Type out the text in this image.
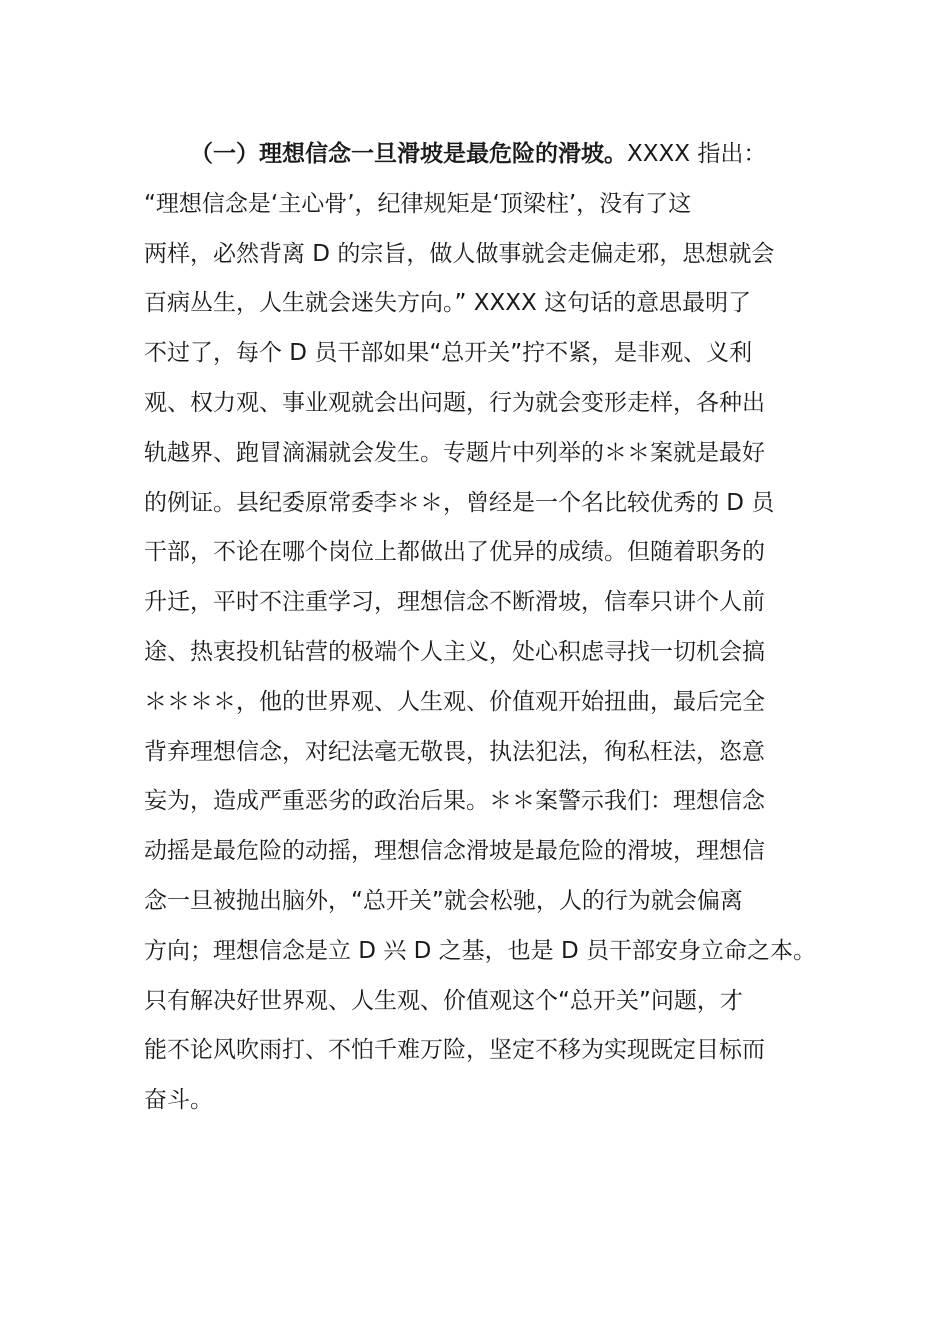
（一）理想信念一旦滑坡是最危险的滑坡。XXXX 指出：
“理想信念是‘主心骨’，纪律规矩是‘顶梁柱’，没有了这
两样，必然背离 D 的宗旨，做人做事就会走偏走邪，思想就会
百病丛生，人生就会迷失方向。” XXXX 这句话的意思最明了
不过了，每个 D 员干部如果“总开关”拧不紧，是非观、义利
观、权力观、事业观就会出问题，行为就会变形走样，各种出
轨越界、跑冒滴漏就会发生。专题片中列举的＊＊案就是最好
的例证。县纪委原常委李＊＊，曾经是一个名比较优秀的 D 员
干部，不论在哪个岗位上都做出了优异的成绩。但随着职务的
升迁，平时不注重学习，理想信念不断滑坡，信奉只讲个人前
途、热衷投机钻营的极端个人主义，处心积虑寻找一切机会搞
＊＊＊＊，他的世界观、人生观、价值观开始扭曲，最后完全
背弃理想信念，对纪法毫无敬畏，执法犯法，徇私枉法，恣意
妄为，造成严重恶劣的政治后果。＊＊案警示我们：理想信念
动摇是最危险的动摇，理想信念滑坡是最危险的滑坡，理想信
念一旦被抛出脑外，“总开关”就会松驰，人的行为就会偏离
方向；理想信念是立 D 兴 D 之基，也是 D 员干部安身立命之本。
只有解决好世界观、人生观、价值观这个“总开关”问题，才
能不论风吹雨打、不怕千难万险，坚定不移为实现既定目标而
奋斗。
